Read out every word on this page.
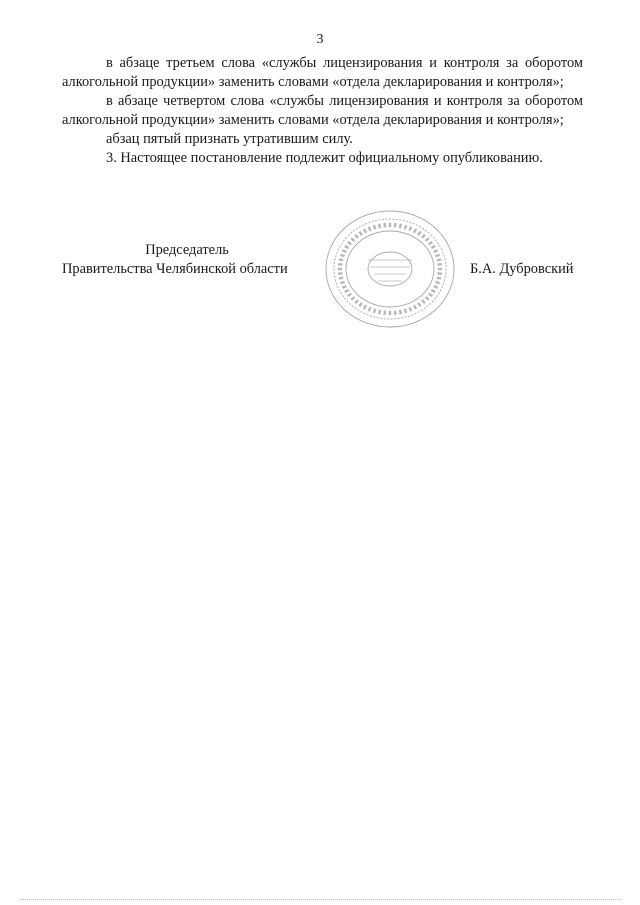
3

в абзаце третьем слова «службы лицензирования и контроля за оборотом алкогольной продукции» заменить словами «отдела декларирования и контроля»;

в абзаце четвертом слова «службы лицензирования и контроля за оборотом алкогольной продукции» заменить словами «отдела декларирования и контроля»;

абзац пятый признать утратившим силу.

3. Настоящее постановление подлежит официальному опубликованию.

Председатель
Правительства Челябинской области	Б.А. Дубровский
